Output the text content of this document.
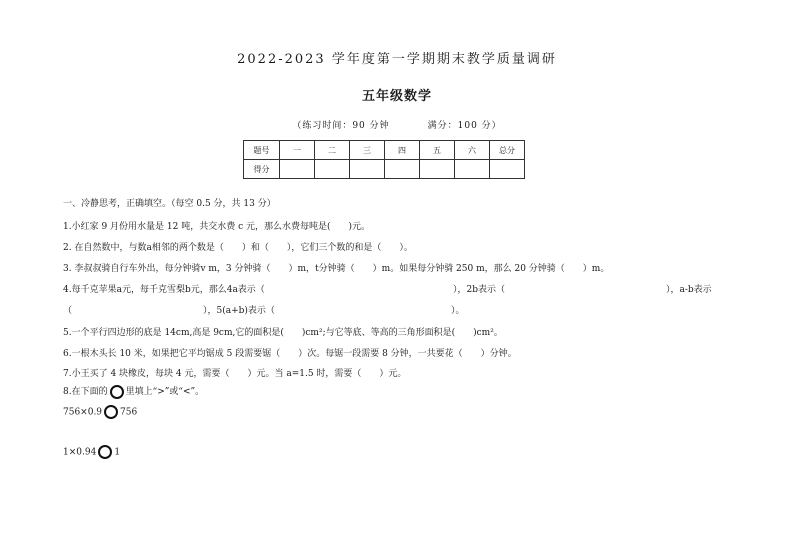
2022-2023 学年度第一学期期末教学质量调研
五年级数学
（练习时间：90 分钟	满分：100 分）
题号	一	二	三	四	五	六	总分
得分							
一、冷静思考，正确填空。（每空 0.5 分，共 13 分）
1.小红家 9 月份用水量是 12 吨，共交水费 c 元，那么水费每吨是(　　)元。
2. 在自然数中，与数a相邻的两个数是（　　）和（　　），它们三个数的和是（　　）。
3. 李叔叔骑自行车外出，每分钟骑v m，3 分钟骑（　　）m，t分钟骑（　　）m。如果每分钟骑 250 m，那么 20 分钟骑（　　）m。
4.每千克苹果a元，每千克雪梨b元，那么4a表示（	），2b表示（	），a-b表示
（	），5(a+b)表示（	）。
5.一个平行四边形的底是 14cm,高是 9cm,它的面积是(　　)cm²;与它等底、等高的三角形面积是(　　)cm²。
6.一根木头长 10 米，如果把它平均锯成 5 段需要锯（　　）次。每锯一段需要 8 分钟，一共要花（　　）分钟。
7.小王买了 4 块橡皮，每块 4 元，需要（　　）元。当 a=1.5 时，需要（　　）元。
8.在下面的 里填上“>”或“<”。
756×0.9 756
1×0.94 1
